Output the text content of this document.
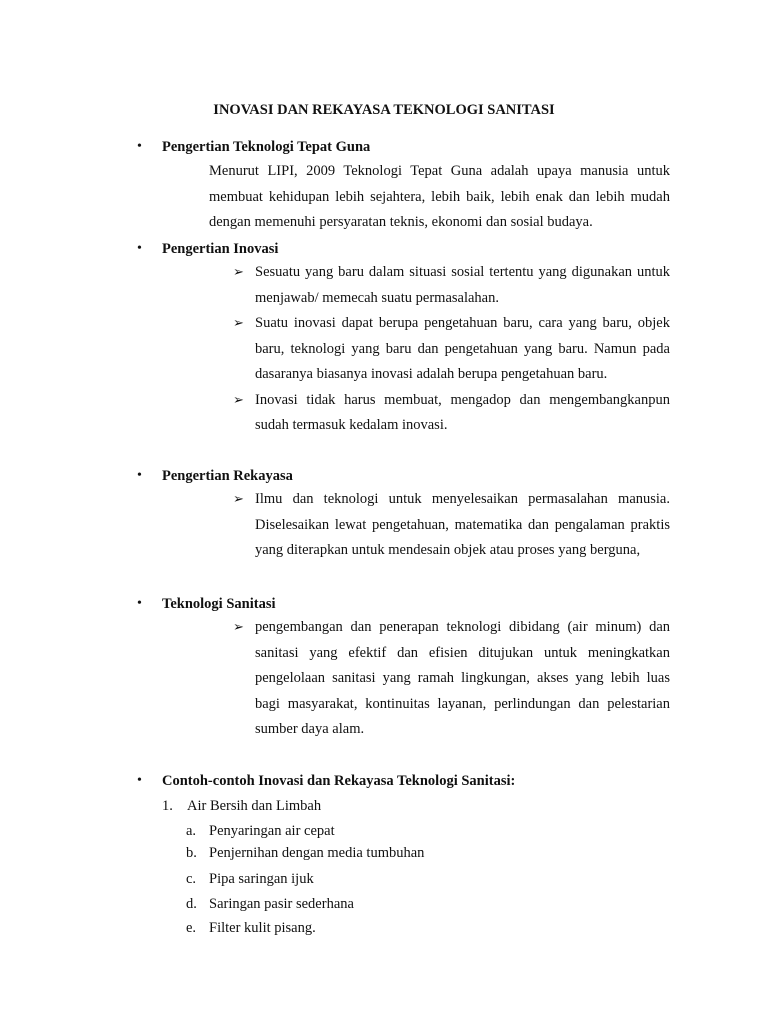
INOVASI DAN REKAYASA TEKNOLOGI SANITASI
• Pengertian Teknologi Tepat Guna
Menurut LIPI, 2009 Teknologi Tepat Guna adalah upaya manusia untuk membuat kehidupan lebih sejahtera, lebih baik, lebih enak dan lebih mudah dengan memenuhi persyaratan teknis, ekonomi dan sosial budaya.
• Pengertian Inovasi
➢ Sesuatu yang baru dalam situasi sosial tertentu yang digunakan untuk menjawab/ memecah suatu permasalahan.
➢ Suatu inovasi dapat berupa pengetahuan baru, cara yang baru, objek baru, teknologi yang baru dan pengetahuan yang baru. Namun pada dasaranya biasanya inovasi adalah berupa pengetahuan baru.
➢ Inovasi tidak harus membuat, mengadop dan mengembangkanpun sudah termasuk kedalam inovasi.
• Pengertian Rekayasa
➢ Ilmu dan teknologi untuk menyelesaikan permasalahan manusia. Diselesaikan lewat pengetahuan, matematika dan pengalaman praktis yang diterapkan untuk mendesain objek atau proses yang berguna,
• Teknologi Sanitasi
➢ pengembangan dan penerapan teknologi dibidang (air minum) dan sanitasi yang efektif dan efisien ditujukan untuk meningkatkan pengelolaan sanitasi yang ramah lingkungan, akses yang lebih luas bagi masyarakat, kontinuitas layanan, perlindungan dan pelestarian sumber daya alam.
• Contoh-contoh Inovasi dan Rekayasa Teknologi Sanitasi:
1. Air Bersih dan Limbah
a. Penyaringan air cepat
b. Penjernihan dengan media tumbuhan
c. Pipa saringan ijuk
d. Saringan pasir sederhana
e. Filter kulit pisang.
